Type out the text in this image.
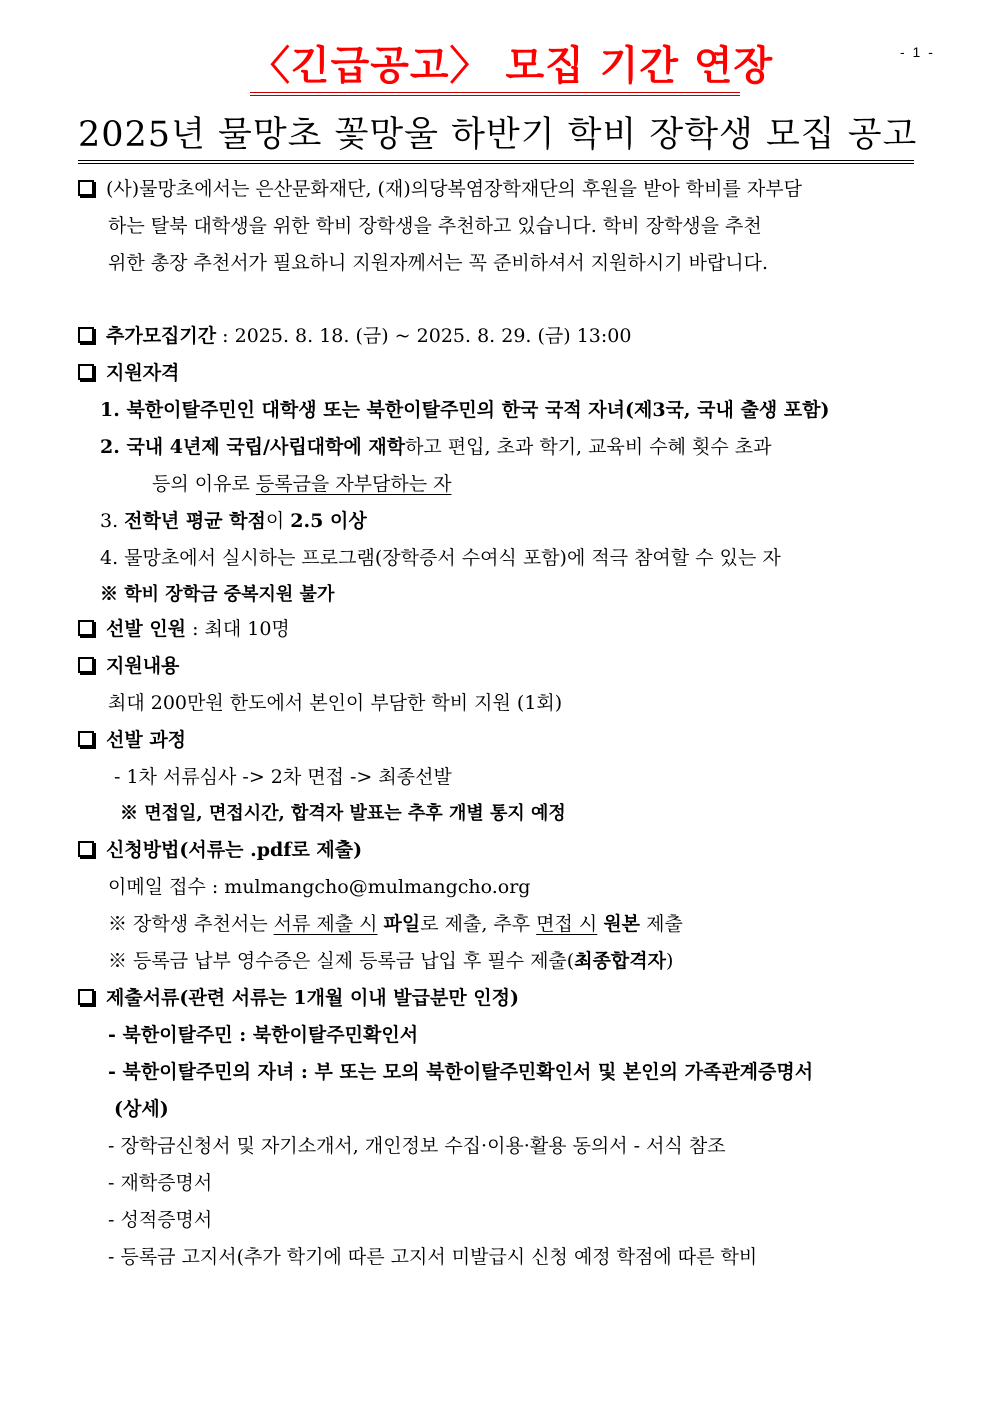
- 1 -
〈긴급공고〉 모집 기간 연장
2025년 물망초 꽃망울 하반기 학비 장학생 모집 공고
(사)물망초에서는 은산문화재단, (재)의당복염장학재단의 후원을 받아 학비를 자부담
하는 탈북 대학생을 위한 학비 장학생을 추천하고 있습니다. 학비 장학생을 추천
위한 총장 추천서가 필요하니 지원자께서는 꼭 준비하셔서 지원하시기 바랍니다.
추가모집기간 : 2025. 8. 18. (금) ~ 2025. 8. 29. (금) 13:00
지원자격
1. 북한이탈주민인 대학생 또는 북한이탈주민의 한국 국적 자녀(제3국, 국내 출생 포함)
2. 국내 4년제 국립/사립대학에 재학하고 편입, 초과 학기, 교육비 수혜 횟수 초과
등의 이유로 등록금을 자부담하는 자
3. 전학년 평균 학점이 2.5 이상
4. 물망초에서 실시하는 프로그램(장학증서 수여식 포함)에 적극 참여할 수 있는 자
※ 학비 장학금 중복지원 불가
선발 인원 : 최대 10명
지원내용
최대 200만원 한도에서 본인이 부담한 학비 지원 (1회)
선발 과정
- 1차 서류심사 -> 2차 면접 -> 최종선발
※ 면접일, 면접시간, 합격자 발표는 추후 개별 통지 예정
신청방법(서류는 .pdf로 제출)
이메일 접수 : mulmangcho@mulmangcho.org
※ 장학생 추천서는 서류 제출 시 파일로 제출, 추후 면접 시 원본 제출
※ 등록금 납부 영수증은 실제 등록금 납입 후 필수 제출(최종합격자)
제출서류(관련 서류는 1개월 이내 발급분만 인정)
- 북한이탈주민 : 북한이탈주민확인서
- 북한이탈주민의 자녀 : 부 또는 모의 북한이탈주민확인서 및 본인의 가족관계증명서
(상세)
- 장학금신청서 및 자기소개서, 개인정보 수집·이용·활용 동의서 - 서식 참조
- 재학증명서
- 성적증명서
- 등록금 고지서(추가 학기에 따른 고지서 미발급시 신청 예정 학점에 따른 학비
